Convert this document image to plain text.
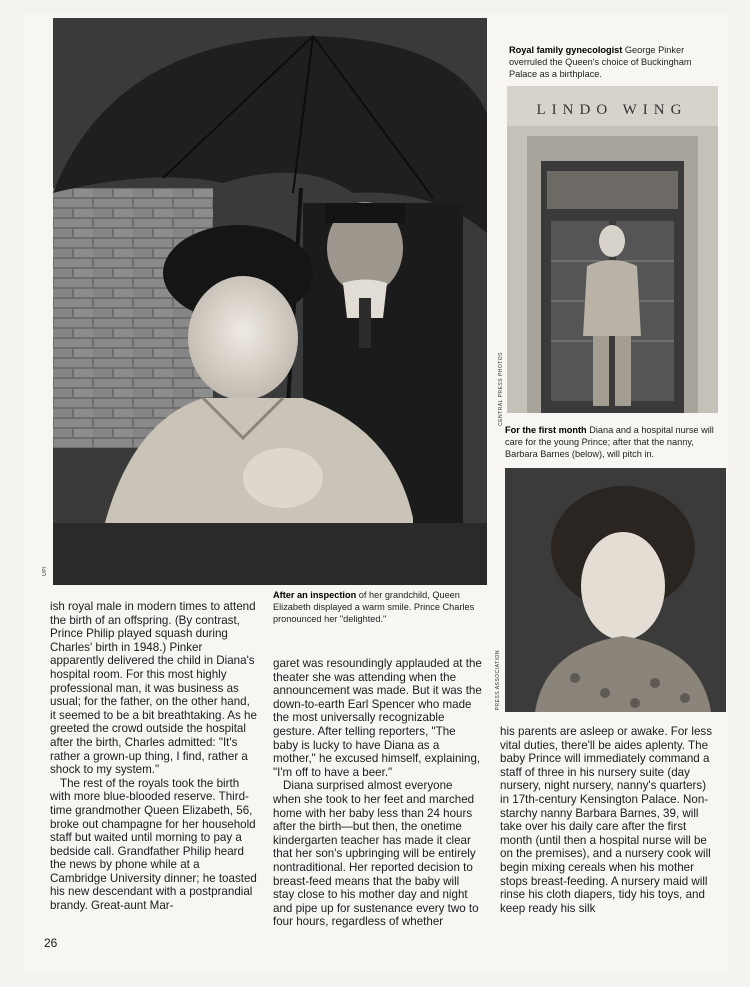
UPI
Royal family gynecologist George Pinker overruled the Queen's choice of Buckingham Palace as a birthplace.
LINDO WING
CENTRAL PRESS PHOTOS
For the first month Diana and a hospital nurse will care for the young Prince; after that the nanny, Barbara Barnes (below), will pitch in.
PRESS ASSOCIATION
After an inspection of her grandchild, Queen Elizabeth displayed a warm smile. Prince Charles pronounced her "delighted."

ish royal male in modern times to attend the birth of an offspring. (By contrast, Prince Philip played squash during Charles' birth in 1948.) Pinker apparently delivered the child in Diana's hospital room. For this most highly professional man, it was business as usual; for the father, on the other hand, it seemed to be a bit breathtaking. As he greeted the crowd outside the hospital after the birth, Charles admitted: "It's rather a grown-up thing, I find, rather a shock to my system."

The rest of the royals took the birth with more blue-blooded reserve. Third-time grandmother Queen Elizabeth, 56, broke out champagne for her household staff but waited until morning to pay a bedside call. Grandfather Philip heard the news by phone while at a Cambridge University dinner; he toasted his new descendant with a postprandial brandy. Great-aunt Mar-

garet was resoundingly applauded at the theater she was attending when the announcement was made. But it was the down-to-earth Earl Spencer who made the most universally recognizable gesture. After telling reporters, "The baby is lucky to have Diana as a mother," he excused himself, explaining, "I'm off to have a beer."

Diana surprised almost everyone when she took to her feet and marched home with her baby less than 24 hours after the birth—but then, the onetime kindergarten teacher has made it clear that her son's upbringing will be entirely nontraditional. Her reported decision to breast-feed means that the baby will stay close to his mother day and night and pipe up for sustenance every two to four hours, regardless of whether

his parents are asleep or awake. For less vital duties, there'll be aides aplenty. The baby Prince will immediately command a staff of three in his nursery suite (day nursery, night nursery, nanny's quarters) in 17th-century Kensington Palace. Non-starchy nanny Barbara Barnes, 39, will take over his daily care after the first month (until then a hospital nurse will be on the premises), and a nursery cook will begin mixing cereals when his mother stops breast-feeding. A nursery maid will rinse his cloth diapers, tidy his toys, and keep ready his silk

26
